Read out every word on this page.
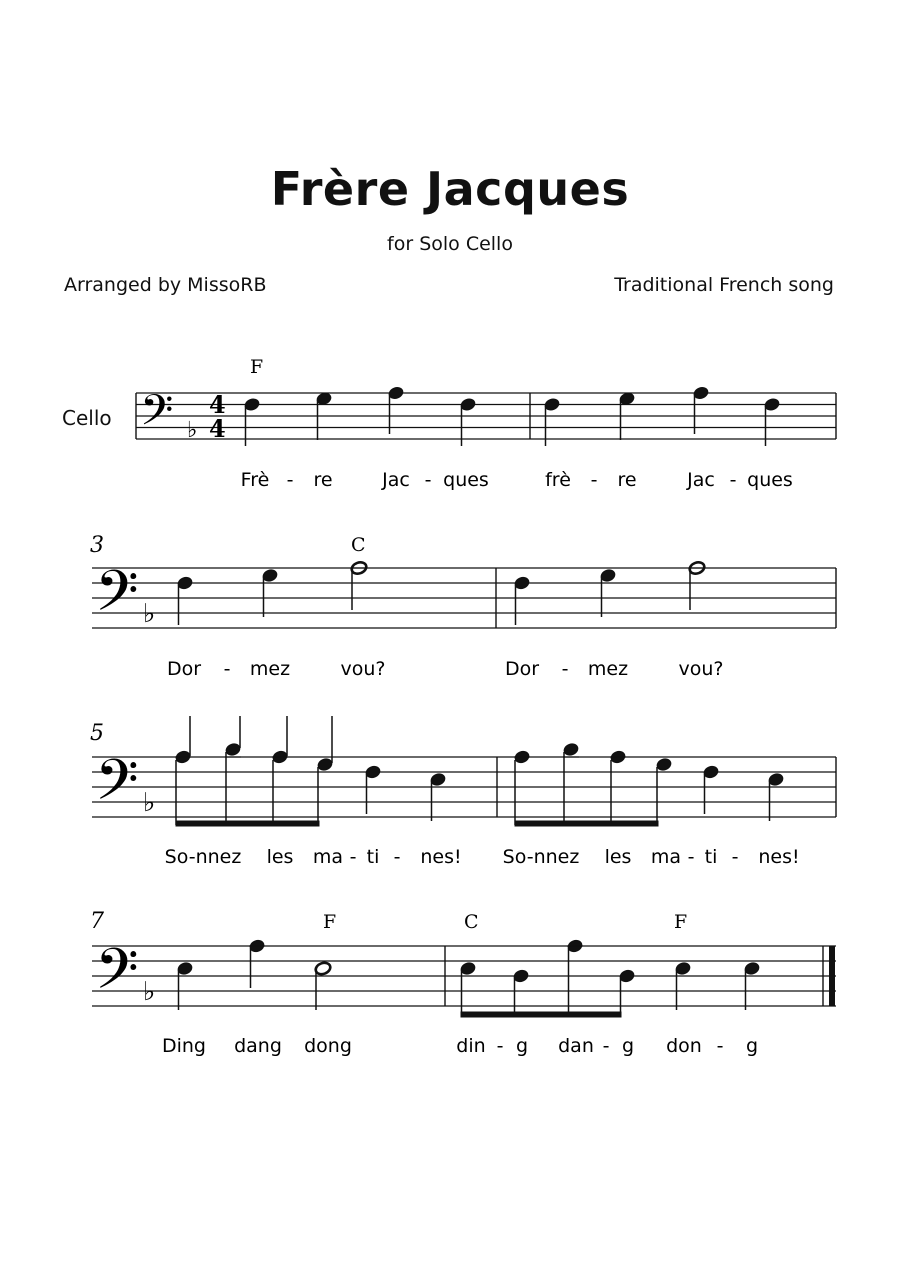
Frère Jacques
for Solo Cello
Arranged by MissoRB	Traditional French song
Cello 𝄢 ♭
4
4
F
Frè - re	Jac - ques	frè - re	Jac - ques
3
𝄢 ♭
C
Dor - mez	vou?	Dor - mez	vou?
5
𝄢 ♭
7
𝄢 ♭
F	C	F
Ding dang dong	din - g dan - g don - g
So-nnez les ma - ti - nes! So-nnez les ma - ti - nes!
